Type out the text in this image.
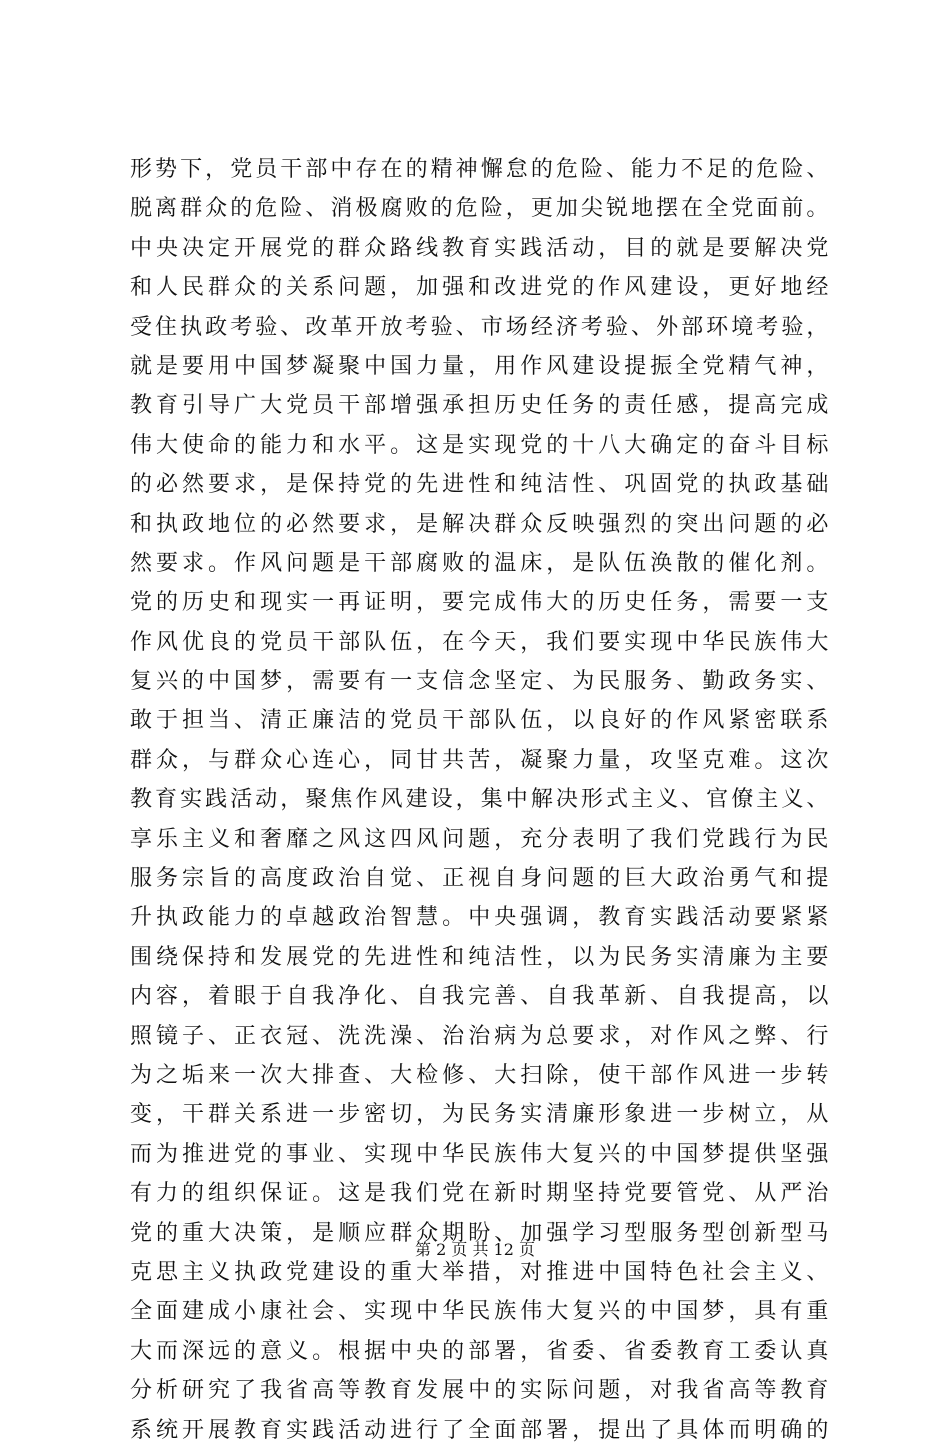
形势下，党员干部中存在的精神懈怠的危险、能力不足的危险、
脱离群众的危险、消极腐败的危险，更加尖锐地摆在全党面前。
中央决定开展党的群众路线教育实践活动，目的就是要解决党
和人民群众的关系问题，加强和改进党的作风建设，更好地经
受住执政考验、改革开放考验、市场经济考验、外部环境考验，
就是要用中国梦凝聚中国力量，用作风建设提振全党精气神，
教育引导广大党员干部增强承担历史任务的责任感，提高完成
伟大使命的能力和水平。这是实现党的十八大确定的奋斗目标
的必然要求，是保持党的先进性和纯洁性、巩固党的执政基础
和执政地位的必然要求，是解决群众反映强烈的突出问题的必
然要求。作风问题是干部腐败的温床，是队伍涣散的催化剂。
党的历史和现实一再证明，要完成伟大的历史任务，需要一支
作风优良的党员干部队伍，在今天，我们要实现中华民族伟大
复兴的中国梦，需要有一支信念坚定、为民服务、勤政务实、
敢于担当、清正廉洁的党员干部队伍，以良好的作风紧密联系
群众，与群众心连心，同甘共苦，凝聚力量，攻坚克难。这次
教育实践活动，聚焦作风建设，集中解决形式主义、官僚主义、
享乐主义和奢靡之风这四风问题，充分表明了我们党践行为民
服务宗旨的高度政治自觉、正视自身问题的巨大政治勇气和提
升执政能力的卓越政治智慧。中央强调，教育实践活动要紧紧
围绕保持和发展党的先进性和纯洁性，以为民务实清廉为主要
内容，着眼于自我净化、自我完善、自我革新、自我提高，以
照镜子、正衣冠、洗洗澡、治治病为总要求，对作风之弊、行
为之垢来一次大排查、大检修、大扫除，使干部作风进一步转
变，干群关系进一步密切，为民务实清廉形象进一步树立，从
而为推进党的事业、实现中华民族伟大复兴的中国梦提供坚强
有力的组织保证。这是我们党在新时期坚持党要管党、从严治
党的重大决策，是顺应群众期盼、加强学习型服务型创新型马
克思主义执政党建设的重大举措，对推进中国特色社会主义、
全面建成小康社会、实现中华民族伟大复兴的中国梦，具有重
大而深远的意义。根据中央的部署，省委、省委教育工委认真
分析研究了我省高等教育发展中的实际问题，对我省高等教育
系统开展教育实践活动进行了全面部署，提出了具体而明确的
第 2 页 共 12 页
